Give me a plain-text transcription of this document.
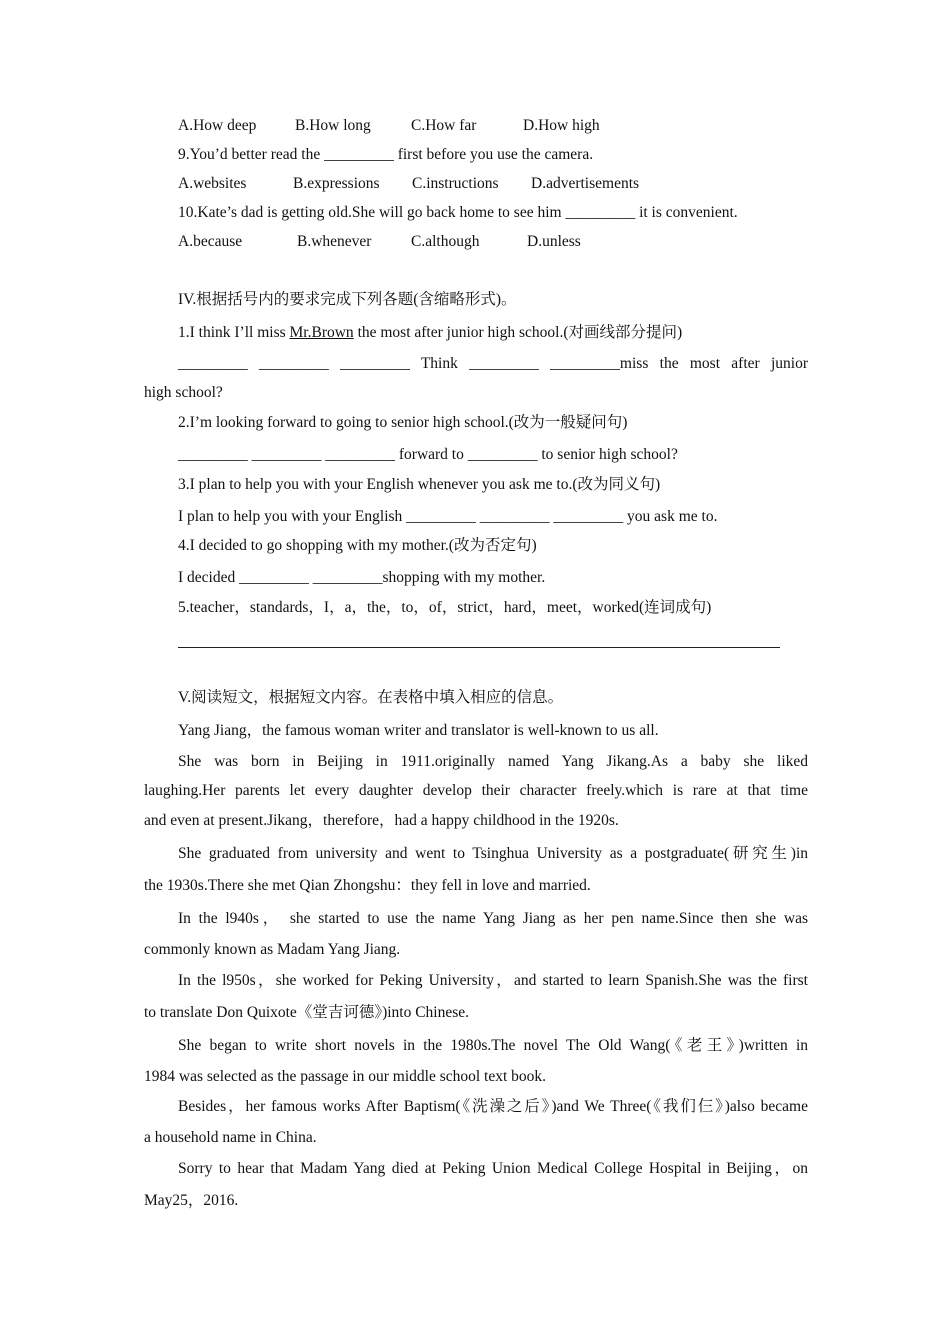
A.How deep B.How long	C.How far	D.How high
9.You’d better read the _________ first before you use the camera.
A.websites	B.expressions C.instructions D.advertisements
10.Kate’s dad is getting old.She will go back home to see him _________ it is convenient.
A.because	B.whenever	C.although	D.unless
IV.根据括号内的要求完成下列各题(含缩略形式)。
1.I think I’ll miss Mr.Brown the most after junior high school.(对画线部分提问)
_________ _________ _________ Think _________ _________miss the most after junior
high school?
2.I’m looking forward to going to senior high school.(改为一般疑问句)
_________ _________ _________ forward to _________ to senior high school?
3.I plan to help you with your English whenever you ask me to.(改为同义句)
I plan to help you with your English _________ _________ _________ you ask me to.
4.I decided to go shopping with my mother.(改为否定句)
I decided _________ _________shopping with my mother.
5.teacher，standards，I，a，the，to，of，strict，hard，meet，worked(连词成句)
V.阅读短文，根据短文内容。在表格中填入相应的信息。
Yang Jiang，the famous woman writer and translator is well-known to us all.
She was born in Beijing in 1911.originally named Yang Jikang.As a baby she liked
laughing.Her parents let every daughter develop their character freely.which is rare at that time
and even at present.Jikang，therefore，had a happy childhood in the 1920s.
She graduated from university and went to Tsinghua University as a postgraduate(研究生)in
the 1930s.There she met Qian Zhongshu：they fell in love and married.
In the l940s， she started to use the name Yang Jiang as her pen name.Since then she was
commonly known as Madam Yang Jiang.
In the l950s，she worked for Peking University，and started to learn Spanish.She was the first
to translate Don Quixote《堂吉诃德》)into Chinese.
She began to write short novels in the 1980s.The novel The Old Wang(《老王》)written in
1984 was selected as the passage in our middle school text book.
Besides，her famous works After Baptism(《洗澡之后》)and We Three(《我们仨》)also became
a household name in China.
Sorry to hear that Madam Yang died at Peking Union Medical College Hospital in Beijing，on
May25，2016.
